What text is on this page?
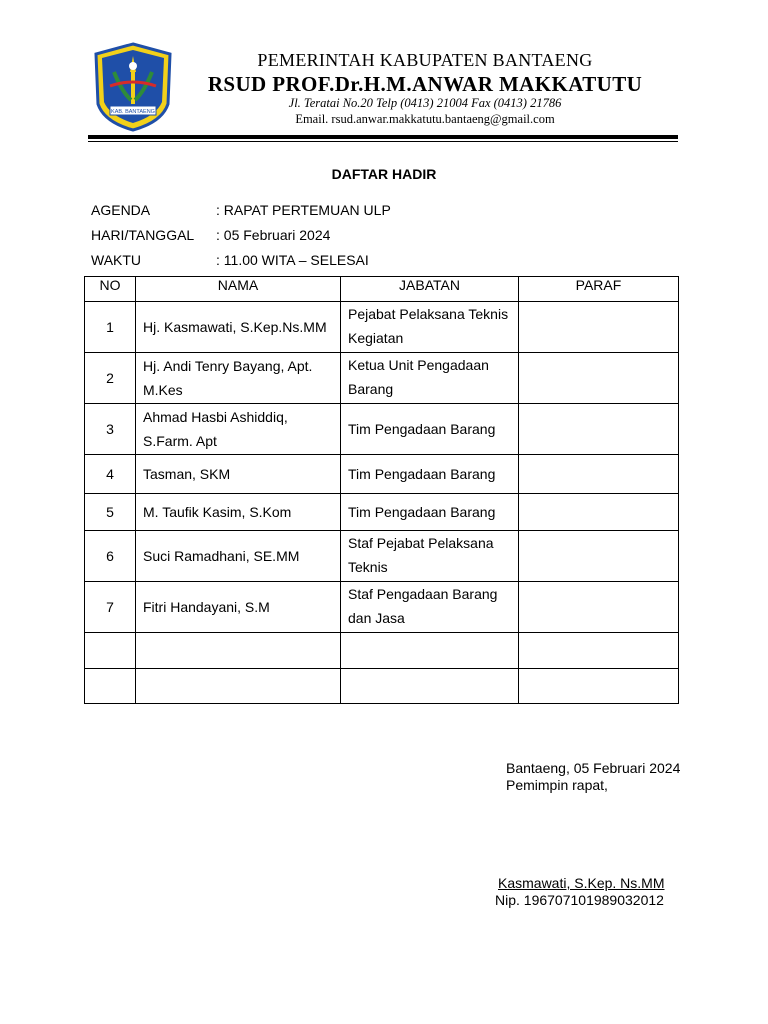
KAB. BANTAENG
PEMERINTAH KABUPATEN BANTAENG
RSUD PROF.Dr.H.M.ANWAR MAKKATUTU
Jl. Teratai No.20 Telp (0413) 21004 Fax (0413) 21786
Email. rsud.anwar.makkatutu.bantaeng@gmail.com
DAFTAR HADIR
AGENDA	: RAPAT PERTEMUAN ULP
HARI/TANGGAL : 05 Februari 2024
WAKTU	: 11.00 WITA – SELESAI
NO	NAMA	JABATAN	PARAF
1	Hj. Kasmawati, S.Kep.Ns.MM	Pejabat Pelaksana Teknis Kegiatan	
2	Hj. Andi Tenry Bayang, Apt. M.Kes	Ketua Unit Pengadaan Barang	
3	Ahmad Hasbi Ashiddiq, S.Farm. Apt	Tim Pengadaan Barang	
4	Tasman, SKM	Tim Pengadaan Barang	
5	M. Taufik Kasim, S.Kom	Tim Pengadaan Barang	
6	Suci Ramadhani, SE.MM	Staf Pejabat Pelaksana Teknis	
7	Fitri Handayani, S.M	Staf Pengadaan Barang dan Jasa	

Bantaeng, 05 Februari 2024
Pemimpin rapat,
Kasmawati, S.Kep. Ns.MM
Nip. 196707101989032012
